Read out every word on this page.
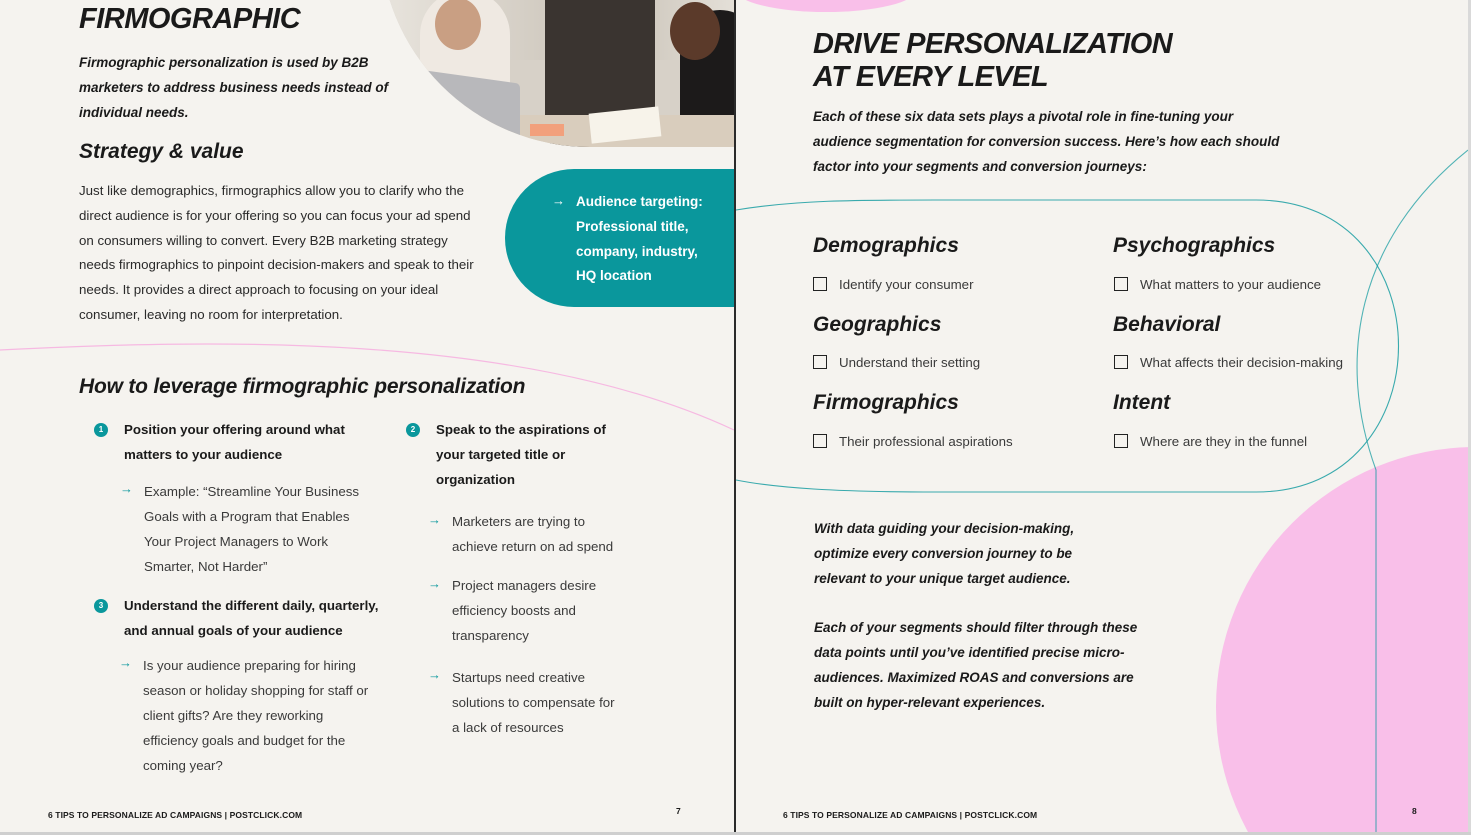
FIRMOGRAPHIC
Firmographic personalization is used by B2B marketers to address business needs instead of individual needs.
Strategy & value
Just like demographics, firmographics allow you to clarify who the direct audience is for your offering so you can focus your ad spend on consumers willing to convert. Every B2B marketing strategy needs firmographics to pinpoint decision-makers and speak to their needs. It provides a direct approach to focusing on your ideal consumer, leaving no room for interpretation.
→ Audience targeting: Professional title, company, industry, HQ location
How to leverage firmographic personalization
1	Position your offering around what matters to your audience
→ Example: “Streamline Your Business Goals with a Program that Enables Your Project Managers to Work Smarter, Not Harder”
3	Understand the different daily, quarterly, and annual goals of your audience
→ Is your audience preparing for hiring season or holiday shopping for staff or client gifts? Are they reworking efficiency goals and budget for the coming year?
2	Speak to the aspirations of your targeted title or organization
→ Marketers are trying to achieve return on ad spend
→ Project managers desire efficiency boosts and transparency
→ Startups need creative solutions to compensate for a lack of resources
6 TIPS TO PERSONALIZE AD CAMPAIGNS | POSTCLICK.COM	7
DRIVE PERSONALIZATION
AT EVERY LEVEL
Each of these six data sets plays a pivotal role in fine-tuning your audience segmentation for conversion success. Here’s how each should factor into your segments and conversion journeys:
Demographics
Identify your consumer
Psychographics
What matters to your audience
Geographics
Understand their setting
Behavioral
What affects their decision-making
Firmographics
Their professional aspirations
Intent
Where are they in the funnel
With data guiding your decision-making, optimize every conversion journey to be relevant to your unique target audience.
Each of your segments should filter through these data points until you’ve identified precise micro-audiences. Maximized ROAS and conversions are built on hyper-relevant experiences.
6 TIPS TO PERSONALIZE AD CAMPAIGNS | POSTCLICK.COM	8
